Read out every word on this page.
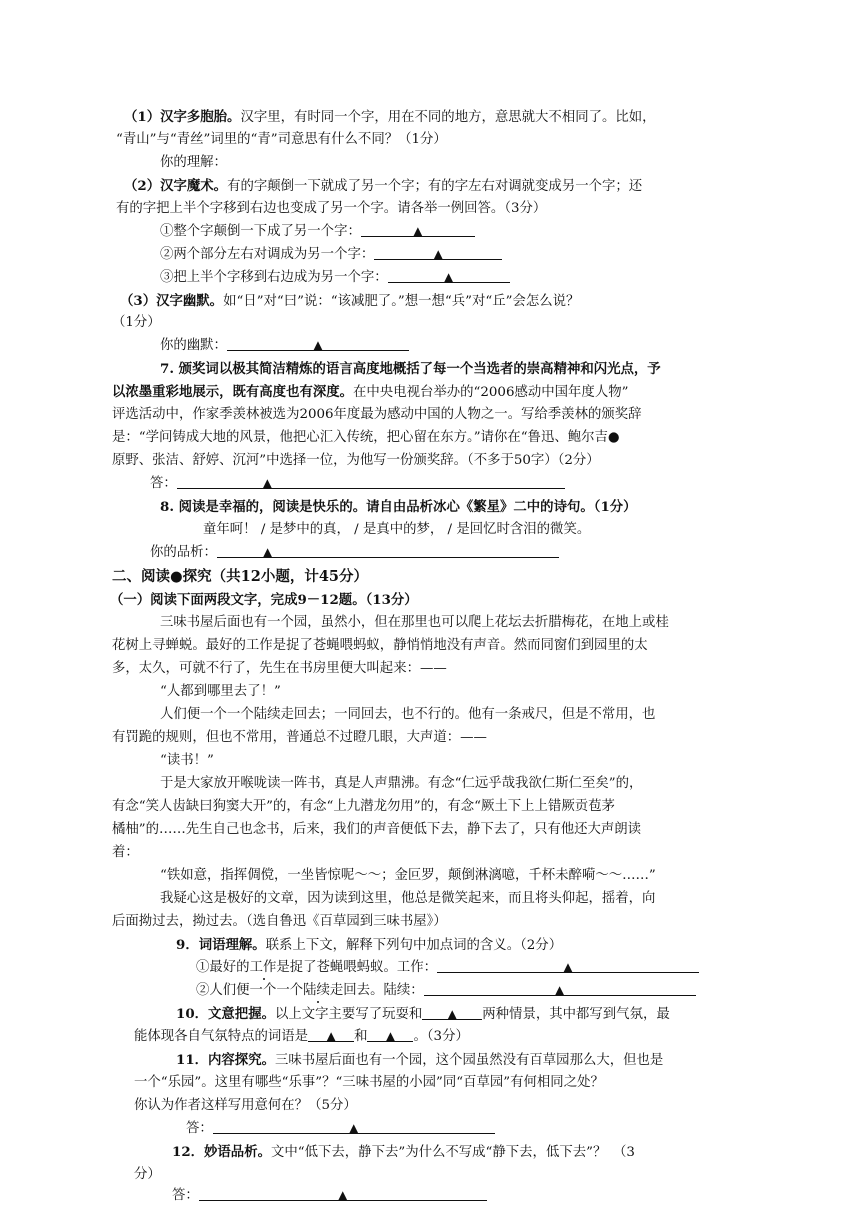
（1）汉字多胞胎。汉字里，有时同一个字，用在不同的地方，意思就大不相同了。比如，
“青山”与“青丝”词里的“青”司意思有什么不同？（1分）
你的理解：
（2）汉字魔术。有的字颠倒一下就成了另一个字；有的字左右对调就变成另一个字；还
有的字把上半个字移到右边也变成了另一个字。请各举一例回答。（3分）
①整个字颠倒一下成了另一个字：	▲
②两个部分左右对调成为另一个字：	▲
③把上半个字移到右边成为另一个字：	▲
（3）汉字幽默。如“日”对“曰”说：“该减肥了。”想一想“兵”对“丘”会怎么说？
（1分）
你的幽默：	▲
7. 颁奖词以极其简洁精炼的语言高度地概括了每一个当选者的崇高精神和闪光点，予
以浓墨重彩地展示，既有高度也有深度。在中央电视台举办的“2006感动中国年度人物”
评选活动中，作家季羡林被选为2006年度最为感动中国的人物之一。写给季羡林的颁奖辞
是：“学问铸成大地的风景，他把心汇入传统，把心留在东方。”请你在“鲁迅、鲍尔吉●
原野、张洁、舒婷、沉河”中选择一位，为他写一份颁奖辞。（不多于50字）（2分）
答：	▲
8. 阅读是幸福的，阅读是快乐的。请自由品析冰心《繁星》二中的诗句。（1分）
童年呵！ / 是梦中的真， / 是真中的梦， / 是回忆时含泪的微笑。
你的品析：	▲
二、阅读●探究（共12小题，计45分）
（一）阅读下面两段文字，完成9－12题。（13分）
三味书屋后面也有一个园，虽然小，但在那里也可以爬上花坛去折腊梅花，在地上或桂
花树上寻蝉蜕。最好的工作是捉了苍蝇喂蚂蚁，静悄悄地没有声音。然而同窗们到园里的太
多，太久，可就不行了，先生在书房里便大叫起来：——
“人都到哪里去了！”
人们便一个一个陆续走回去；一同回去，也不行的。他有一条戒尺，但是不常用，也
有罚跪的规则，但也不常用，普通总不过瞪几眼，大声道：——
“读书！”
于是大家放开喉咙读一阵书，真是人声鼎沸。有念“仁远乎哉我欲仁斯仁至矣”的，
有念“笑人齿缺曰狗窦大开”的，有念“上九潜龙勿用”的，有念“厥土下上上错厥贡苞茅
橘柚”的……先生自己也念书，后来，我们的声音便低下去，静下去了，只有他还大声朗读
着：
“铁如意，指挥倜傥，一坐皆惊呢～～；金叵罗，颠倒淋漓噫，千杯未醉嗬～～……”
我疑心这是极好的文章，因为读到这里，他总是微笑起来，而且将头仰起，摇着，向
后面拗过去，拗过去。（选自鲁迅《百草园到三味书屋》）
9．词语理解。联系上下文，解释下列句中加点词的含义。（2分）
①最好的工作是捉了苍蝇喂蚂蚁。工作：	▲
②人们便一个一个陆续走回去。陆续：	▲
10．文意把握。以上文字主要写了玩耍和 ▲ 两种情景，其中都写到气氛，最
能体现各自气氛特点的词语是 ▲ 和 ▲ 。（3分）
11．内容探究。三味书屋后面也有一个园，这个园虽然没有百草园那么大，但也是
一个“乐园”。这里有哪些“乐事”？“三味书屋的小园”同“百草园”有何相同之处？
你认为作者这样写用意何在？（5分）
答：	▲
12．妙语品析。文中“低下去，静下去”为什么不写成“静下去，低下去”？　（3
分）
答：	▲
